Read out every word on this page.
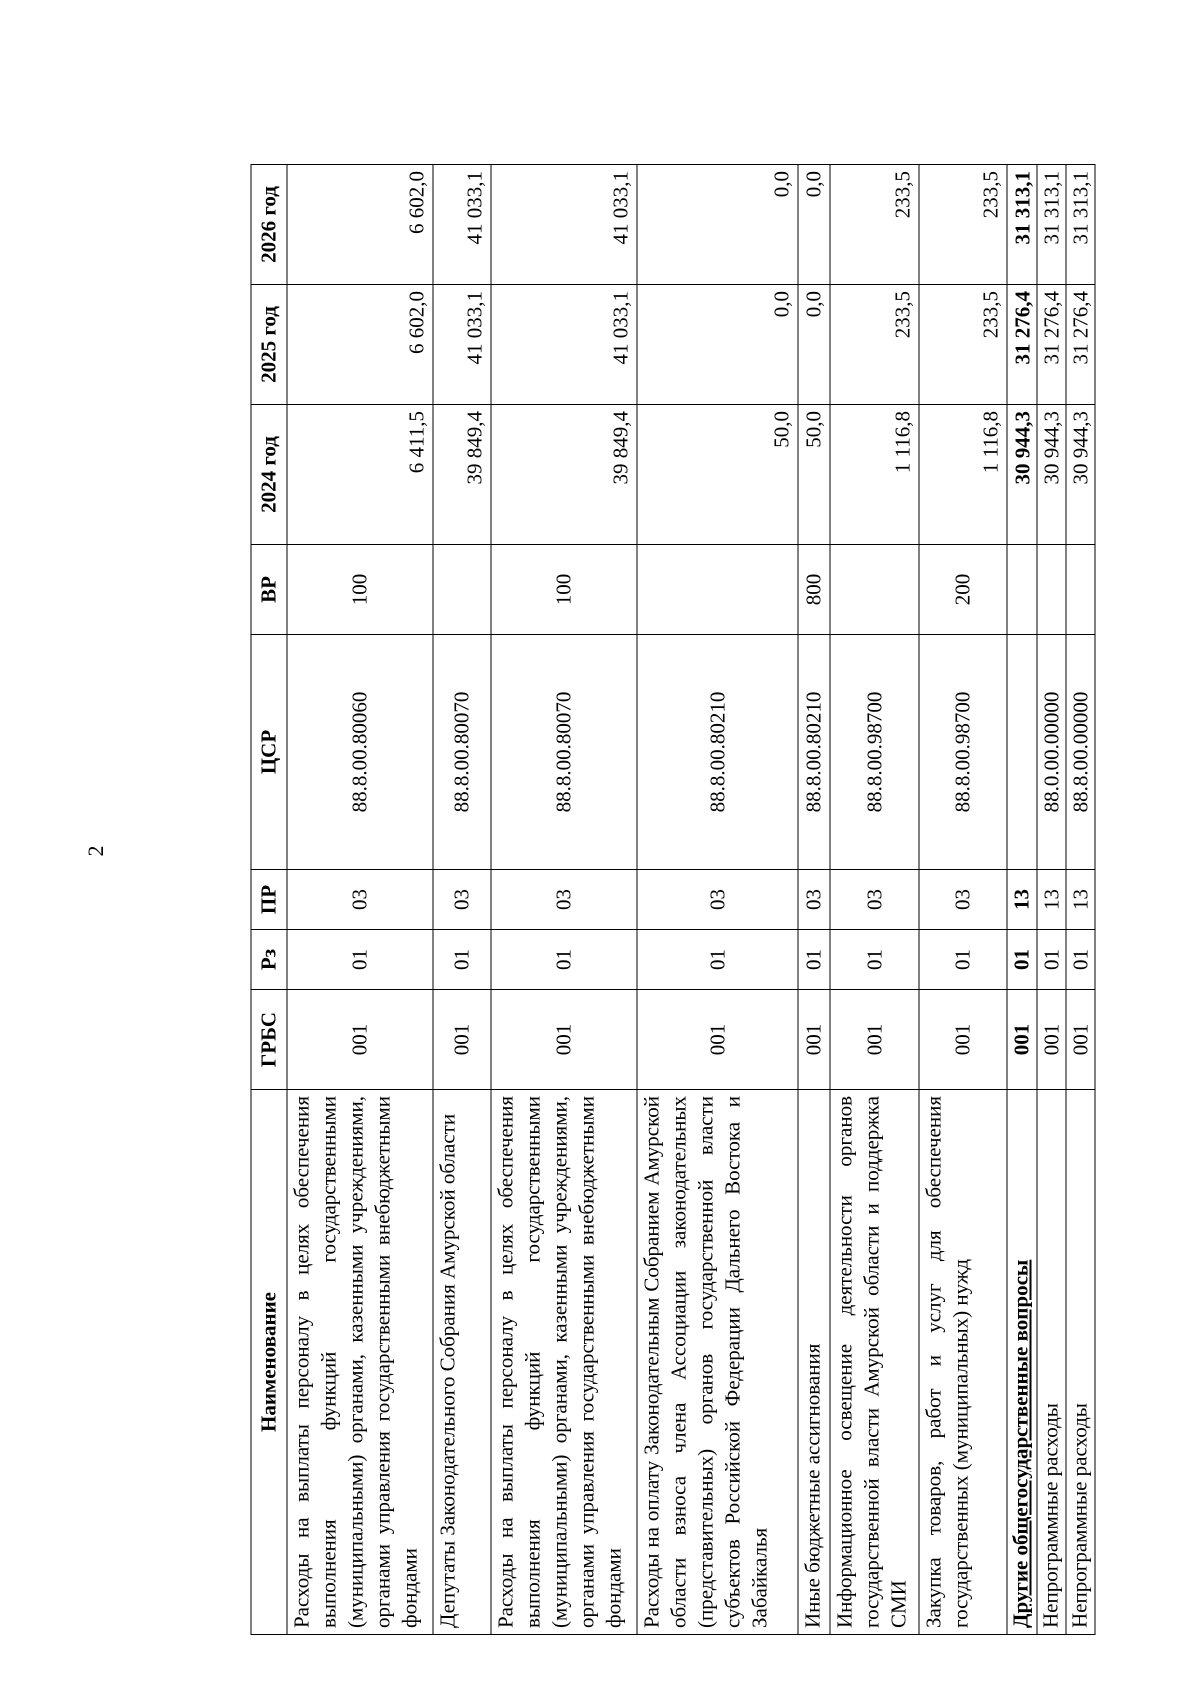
2
Наименование	ГРБС	Рз	ПР	ЦСР	ВР	2024 год	2025 год	2026 год
Расходы на выплаты персоналу в целях обеспечения выполнения функций государственными (муниципальными) органами, казенными учреждениями, органами управления государственными внебюджетными фондами	001	01	03	88.8.00.80060	100	6 411,5	6 602,0	6 602,0
Депутаты Законодательного Собрания Амурской области	001	01	03	88.8.00.80070		39 849,4	41 033,1	41 033,1
Расходы на выплаты персоналу в целях обеспечения выполнения функций государственными (муниципальными) органами, казенными учреждениями, органами управления государственными внебюджетными фондами	001	01	03	88.8.00.80070	100	39 849,4	41 033,1	41 033,1
Расходы на оплату Законодательным Собранием Амурской области взноса члена Ассоциации законодательных (представительных) органов государственной власти субъектов Российской Федерации Дальнего Востока и Забайкалья	001	01	03	88.8.00.80210		50,0	0,0	0,0
Иные бюджетные ассигнования	001	01	03	88.8.00.80210	800	50,0	0,0	0,0
Информационное освещение деятельности органов государственной власти Амурской области и поддержка СМИ	001	01	03	88.8.00.98700		1 116,8	233,5	233,5
Закупка товаров, работ и услуг для обеспечения государственных (муниципальных) нужд	001	01	03	88.8.00.98700	200	1 116,8	233,5	233,5
Другие общегосударственные вопросы	001	01	13			30 944,3	31 276,4	31 313,1
Непрограммные расходы	001	01	13	88.0.00.00000		30 944,3	31 276,4	31 313,1
Непрограммные расходы	001	01	13	88.8.00.00000		30 944,3	31 276,4	31 313,1
